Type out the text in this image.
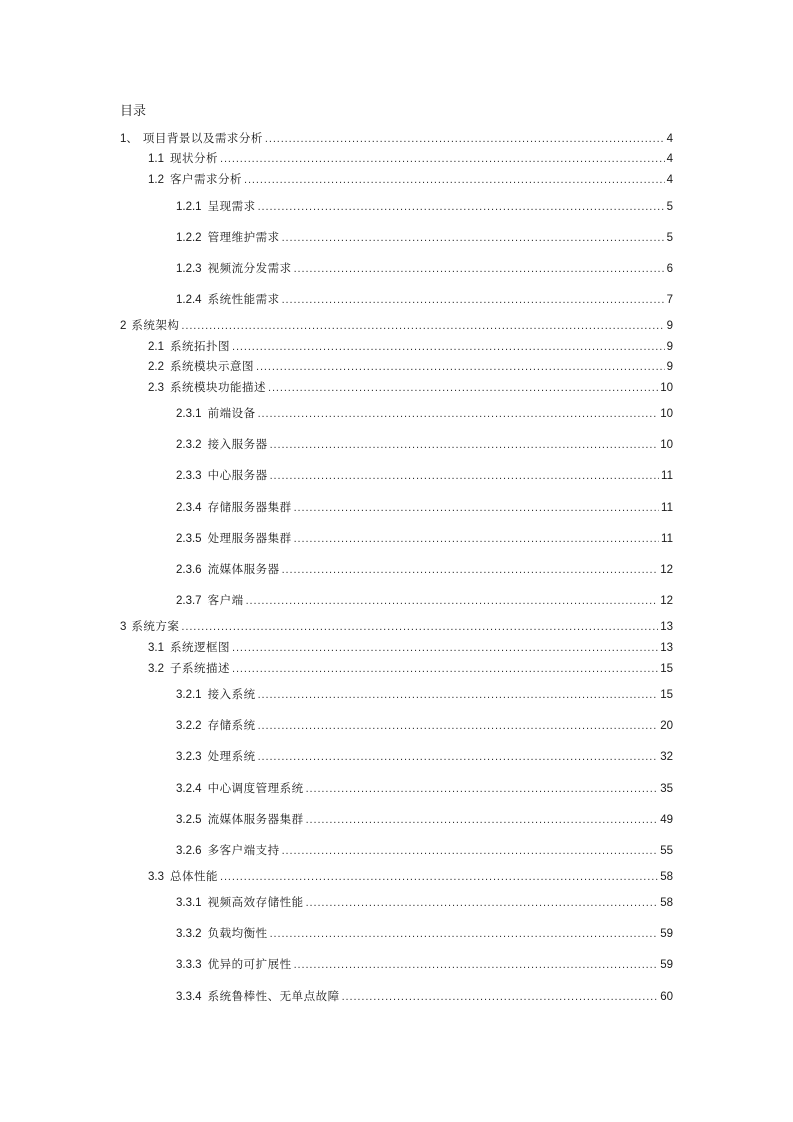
目录
1、 项目背景以及需求分析 .....	4
1.1 现状分析 .....	4
1.2 客户需求分析 .....	4
1.2.1 呈现需求 .....	5
1.2.2 管理维护需求 .....	5
1.2.3 视频流分发需求 .....	6
1.2.4 系统性能需求 .....	7
2 系统架构 .....	9
2.1 系统拓扑图 .....	9
2.2 系统模块示意图 .....	9
2.3 系统模块功能描述 .....	10
2.3.1 前端设备 .....	10
2.3.2 接入服务器 .....	10
2.3.3 中心服务器 .....	11
2.3.4 存储服务器集群 .....	11
2.3.5 处理服务器集群 .....	11
2.3.6 流媒体服务器 .....	12
2.3.7 客户端 .....	12
3 系统方案 .....	13
3.1 系统逻框图 .....	13
3.2 子系统描述 .....	15
3.2.1 接入系统 .....	15
3.2.2 存储系统 .....	20
3.2.3 处理系统 .....	32
3.2.4 中心调度管理系统 .....	35
3.2.5 流媒体服务器集群 .....	49
3.2.6 多客户端支持 .....	55
3.3 总体性能 .....	58
3.3.1 视频高效存储性能 .....	58
3.3.2 负载均衡性 .....	59
3.3.3 优异的可扩展性 .....	59
3.3.4 系统鲁棒性、无单点故障 .....	60
